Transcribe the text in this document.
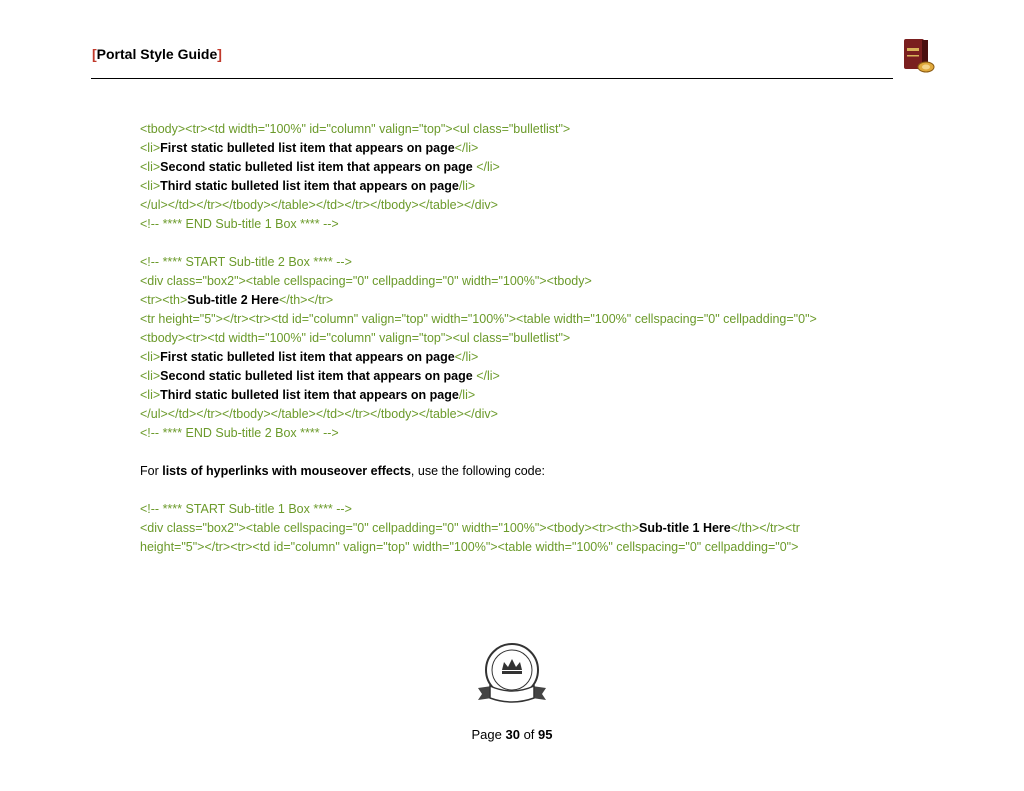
[Portal Style Guide]
<tbody><tr><td width="100%" id="column" valign="top"><ul class="bulletlist">
<li>First static bulleted list item that appears on page</li>
<li>Second static bulleted list item that appears on page </li>
<li>Third static bulleted list item that appears on page/li>
</ul></td></tr></tbody></table></td></tr></tbody></table></div>
<!-- **** END Sub-title 1 Box **** -->
<!-- **** START Sub-title 2 Box **** -->
<div class="box2"><table cellspacing="0" cellpadding="0" width="100%"><tbody>
<tr><th>Sub-title 2 Here</th></tr>
<tr height="5"></tr><tr><td id="column" valign="top" width="100%"><table width="100%" cellspacing="0" cellpadding="0">
<tbody><tr><td width="100%" id="column" valign="top"><ul class="bulletlist">
<li>First static bulleted list item that appears on page</li>
<li>Second static bulleted list item that appears on page </li>
<li>Third static bulleted list item that appears on page/li>
</ul></td></tr></tbody></table></td></tr></tbody></table></div>
<!-- **** END Sub-title 2 Box **** -->
For lists of hyperlinks with mouseover effects, use the following code:
<!-- **** START Sub-title 1 Box **** -->
<div class="box2"><table cellspacing="0" cellpadding="0" width="100%"><tbody><tr><th>Sub-title 1 Here</th></tr><tr
height="5"></tr><tr><td id="column" valign="top" width="100%"><table width="100%" cellspacing="0" cellpadding="0">
Page 30 of 95
